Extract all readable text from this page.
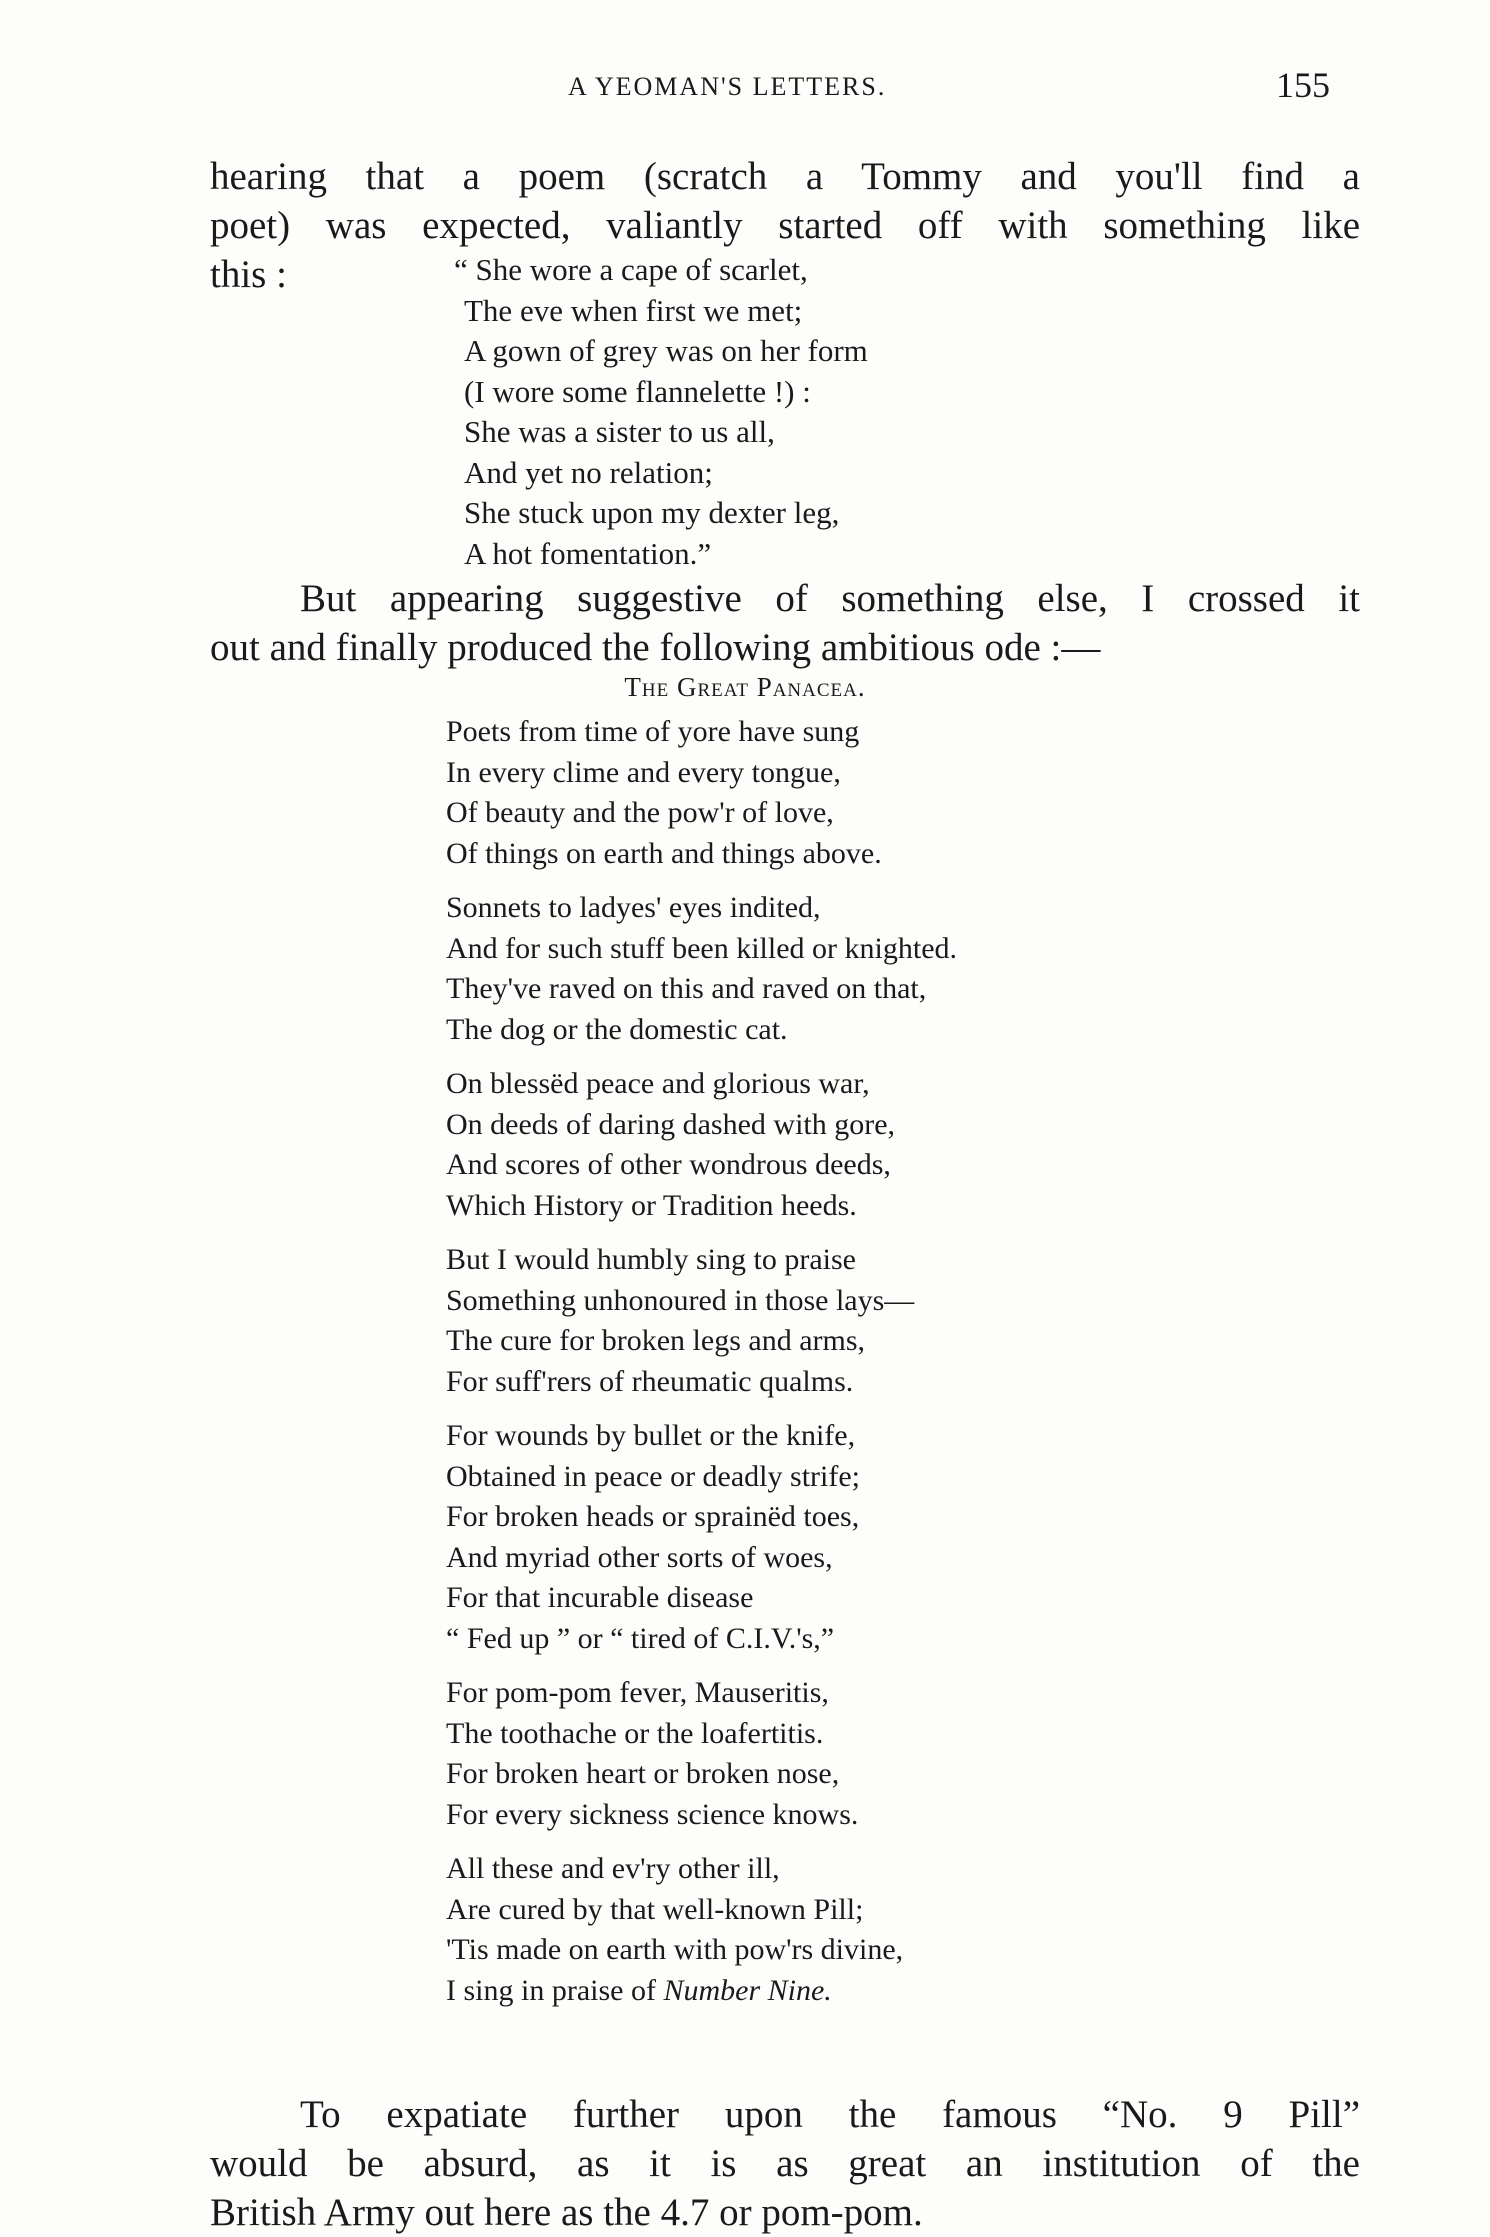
A YEOMAN'S LETTERS.	155
hearing that a poem (scratch a Tommy and you'll find a
poet) was expected, valiantly started off with something like
this :	“ She wore a cape of scarlet,
The eve when first we met;
A gown of grey was on her form
(I wore some flannelette !) :
She was a sister to us all,
And yet no relation;
She stuck upon my dexter leg,
A hot fomentation.”
But appearing suggestive of something else, I crossed it
out and finally produced the following ambitious ode :—
The Great Panacea.
Poets from time of yore have sung
In every clime and every tongue,
Of beauty and the pow'r of love,
Of things on earth and things above.
Sonnets to ladyes' eyes indited,
And for such stuff been killed or knighted.
They've raved on this and raved on that,
The dog or the domestic cat.
On blessëd peace and glorious war,
On deeds of daring dashed with gore,
And scores of other wondrous deeds,
Which History or Tradition heeds.
But I would humbly sing to praise
Something unhonoured in those lays—
The cure for broken legs and arms,
For suff'rers of rheumatic qualms.
For wounds by bullet or the knife,
Obtained in peace or deadly strife;
For broken heads or sprainëd toes,
And myriad other sorts of woes,
For that incurable disease
“ Fed up ” or “ tired of C.I.V.'s,”
For pom-pom fever, Mauseritis,
The toothache or the loafertitis.
For broken heart or broken nose,
For every sickness science knows.
All these and ev'ry other ill,
Are cured by that well-known Pill;
'Tis made on earth with pow'rs divine,
I sing in praise of Number Nine.
To expatiate further upon the famous “No. 9 Pill”
would be absurd, as it is as great an institution of the
British Army out here as the 4.7 or pom-pom.
